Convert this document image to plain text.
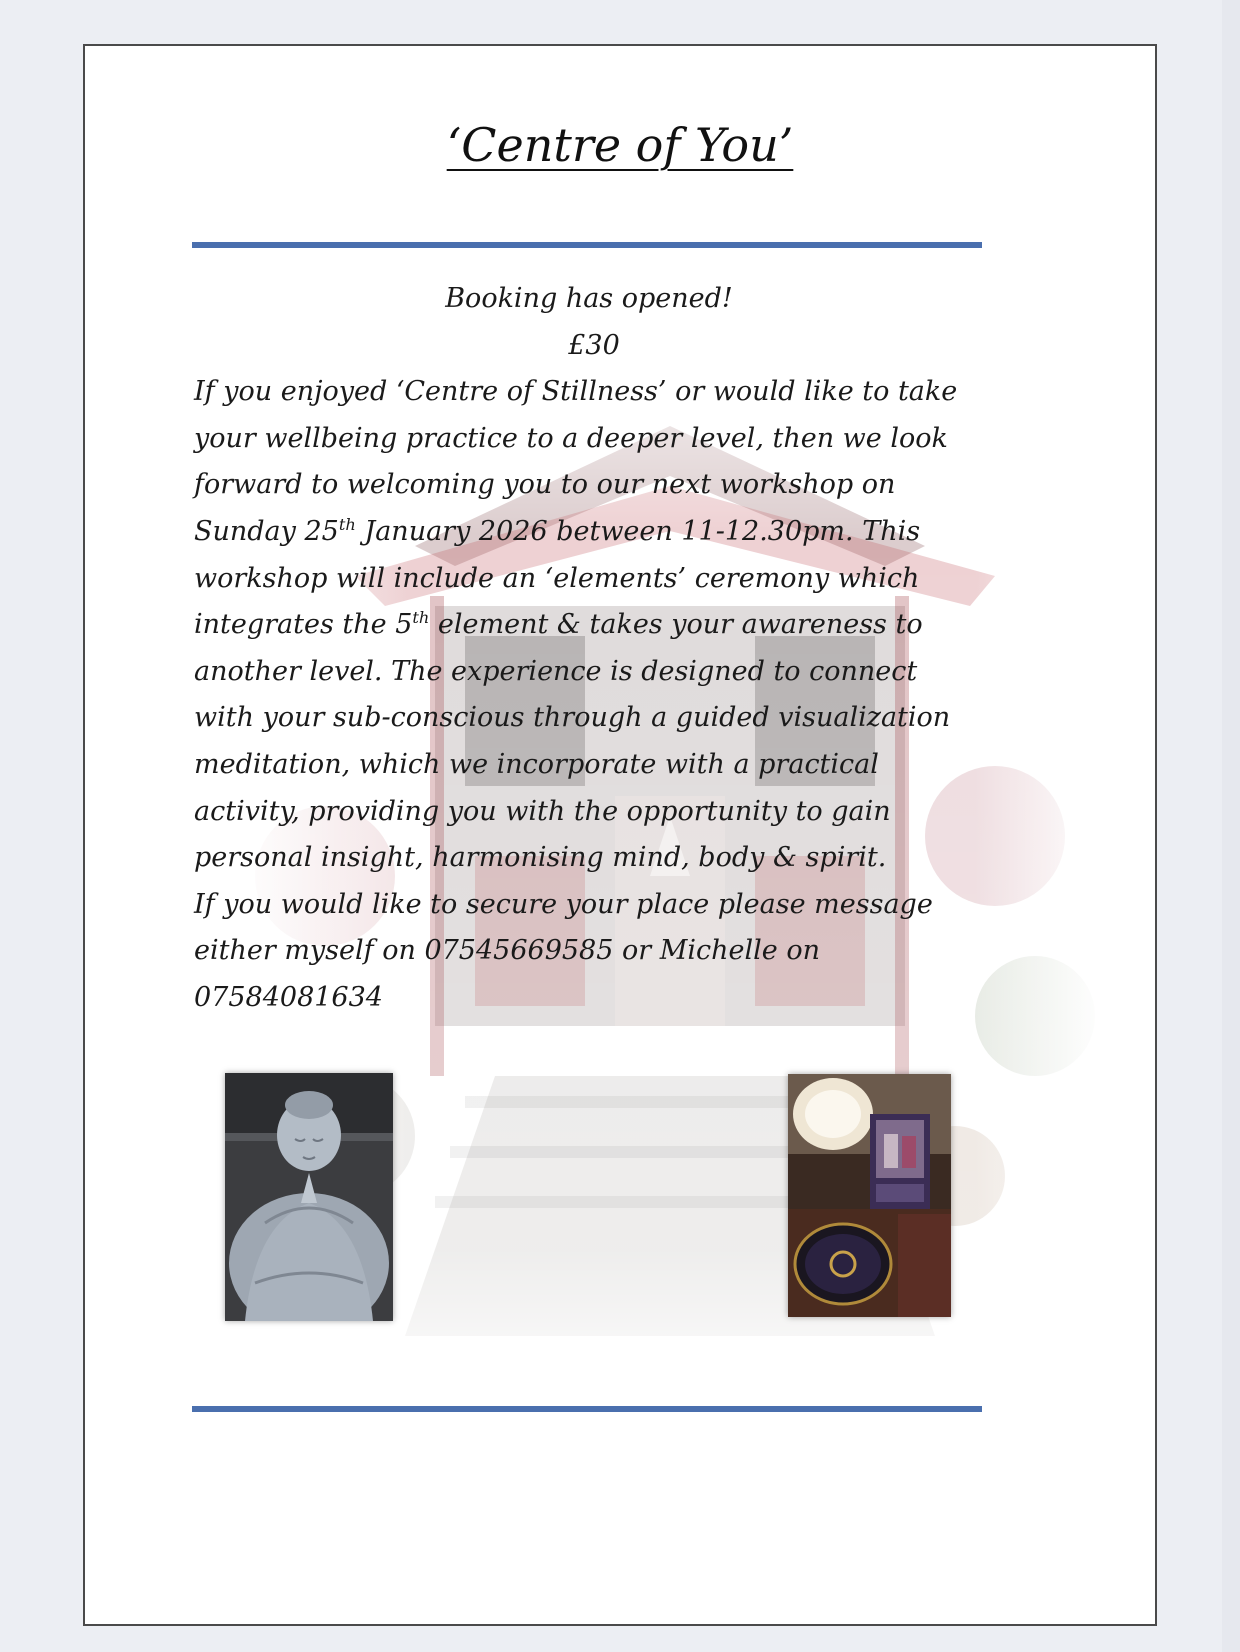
‘Centre of You’

Booking has opened!

£30

If you enjoyed ‘Centre of Stillness’ or would like to take your wellbeing practice to a deeper level, then we look forward to welcoming you to our next workshop on Sunday 25th January 2026 between 11-12.30pm. This workshop will include an ‘elements’ ceremony which integrates the 5th element & takes your awareness to another level. The experience is designed to connect with your sub-conscious through a guided visualization meditation, which we incorporate with a practical activity, providing you with the opportunity to gain personal insight, harmonising mind, body & spirit.

If you would like to secure your place please message either myself on 07545669585 or Michelle on 07584081634
